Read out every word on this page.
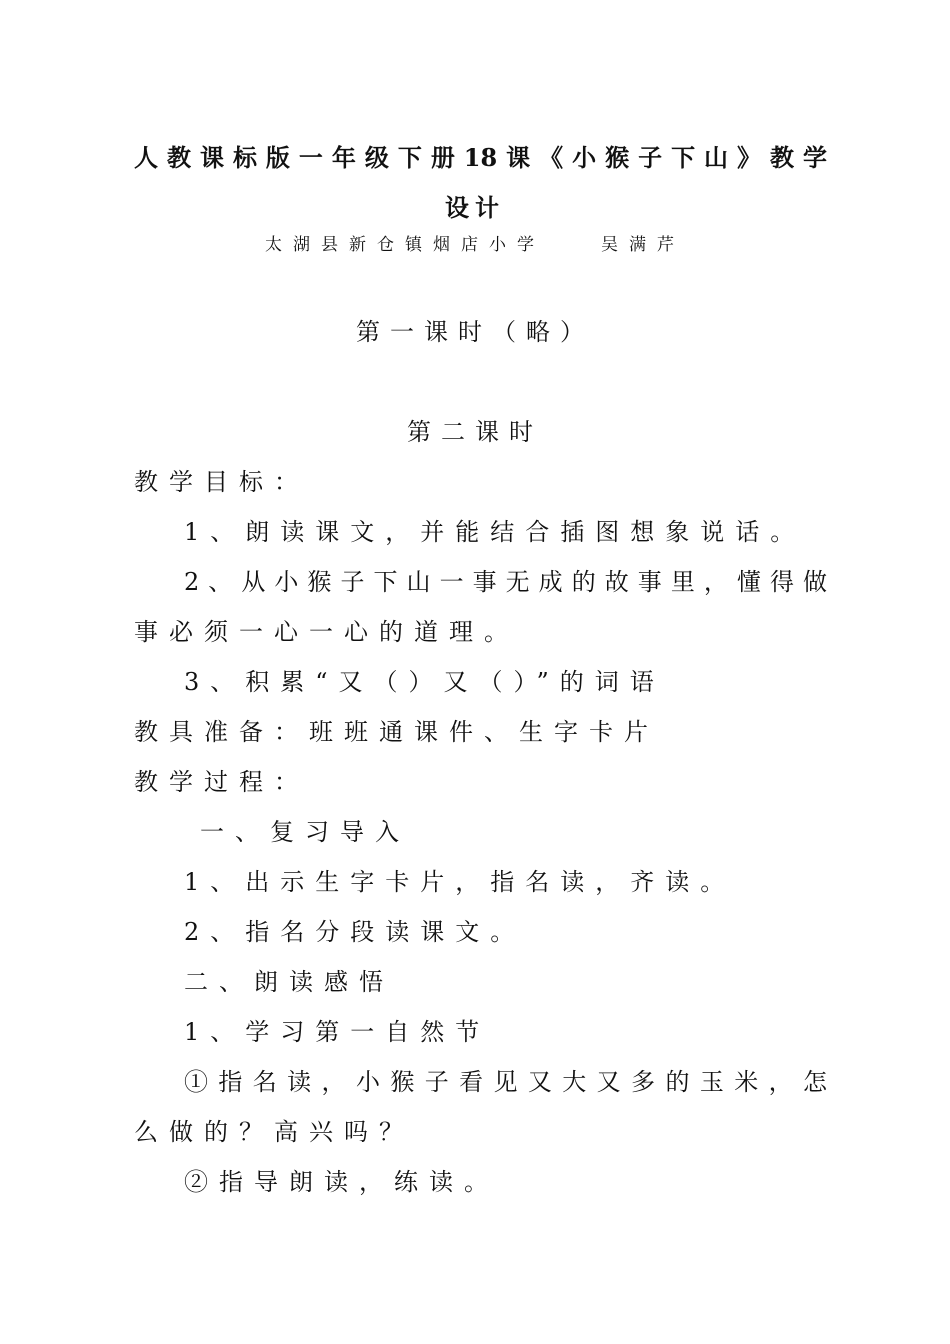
人教课标版一年级下册18课《小猴子下山》教学
设计
太湖县新仓镇烟店小学　　吴满芹
第一课时（略）
第二课时
教学目标：
1、朗读课文，并能结合插图想象说话。
2、从小猴子下山一事无成的故事里，懂得做
事必须一心一心的道理。
3、积累“又（）又（）”的词语
教具准备：班班通课件、生字卡片
教学过程：
一、复习导入
1、出示生字卡片，指名读，齐读。
2、指名分段读课文。
二、朗读感悟
1、学习第一自然节
①指名读，小猴子看见又大又多的玉米，怎
么做的？高兴吗？
②指导朗读，练读。
